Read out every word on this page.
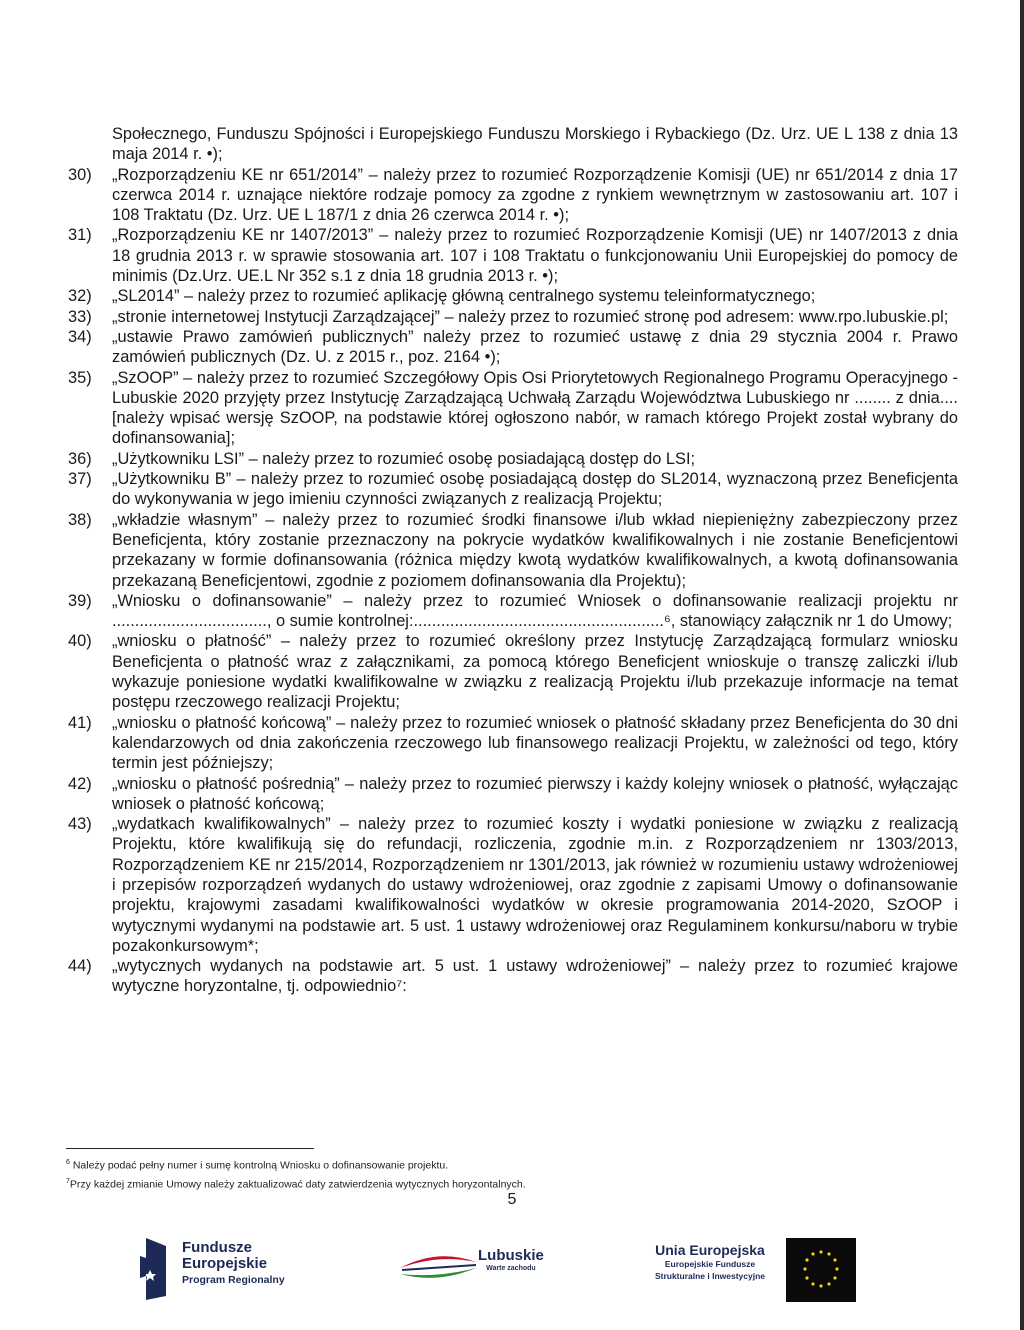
Społecznego, Funduszu Spójności i Europejskiego Funduszu Morskiego i Rybackiego (Dz. Urz. UE L 138 z dnia 13 maja 2014 r. •);

30) „Rozporządzeniu KE nr 651/2014” – należy przez to rozumieć Rozporządzenie Komisji (UE) nr 651/2014 z dnia 17 czerwca 2014 r. uznające niektóre rodzaje pomocy za zgodne z rynkiem wewnętrznym w zastosowaniu art. 107 i 108 Traktatu (Dz. Urz. UE L 187/1 z dnia 26 czerwca 2014 r. •);
31) „Rozporządzeniu KE nr 1407/2013” – należy przez to rozumieć Rozporządzenie Komisji (UE) nr 1407/2013 z dnia 18 grudnia 2013 r. w sprawie stosowania art. 107 i 108 Traktatu o funkcjonowaniu Unii Europejskiej do pomocy de minimis (Dz.Urz. UE.L Nr 352 s.1 z dnia 18 grudnia 2013 r. •);
32) „SL2014” – należy przez to rozumieć aplikację główną centralnego systemu teleinformatycznego;
33) „stronie internetowej Instytucji Zarządzającej” – należy przez to rozumieć stronę pod adresem: www.rpo.lubuskie.pl;
34) „ustawie Prawo zamówień publicznych” należy przez to rozumieć ustawę z dnia 29 stycznia 2004 r. Prawo zamówień publicznych (Dz. U. z 2015 r., poz. 2164 •);
35) „SzOOP” – należy przez to rozumieć Szczegółowy Opis Osi Priorytetowych Regionalnego Programu Operacyjnego - Lubuskie 2020 przyjęty przez Instytucję Zarządzającą Uchwałą Zarządu Województwa Lubuskiego nr ........ z dnia.... [należy wpisać wersję SzOOP, na podstawie której ogłoszono nabór, w ramach którego Projekt został wybrany do dofinansowania];
36) „Użytkowniku LSI” – należy przez to rozumieć osobę posiadającą dostęp do LSI;
37) „Użytkowniku B” – należy przez to rozumieć osobę posiadającą dostęp do SL2014, wyznaczoną przez Beneficjenta do wykonywania w jego imieniu czynności związanych z realizacją Projektu;
38) „wkładzie własnym” – należy przez to rozumieć środki finansowe i/lub wkład niepieniężny zabezpieczony przez Beneficjenta, który zostanie przeznaczony na pokrycie wydatków kwalifikowalnych i nie zostanie Beneficjentowi przekazany w formie dofinansowania (różnica między kwotą wydatków kwalifikowalnych, a kwotą dofinansowania przekazaną Beneficjentowi, zgodnie z poziomem dofinansowania dla Projektu);
39) „Wniosku o dofinansowanie” – należy przez to rozumieć Wniosek o dofinansowanie realizacji projektu nr .................................., o sumie kontrolnej:.......................................................⁶, stanowiący załącznik nr 1 do Umowy;
40) „wniosku o płatność” – należy przez to rozumieć określony przez Instytucję Zarządzającą formularz wniosku Beneficjenta o płatność wraz z załącznikami, za pomocą którego Beneficjent wnioskuje o transzę zaliczki i/lub wykazuje poniesione wydatki kwalifikowalne w związku z realizacją Projektu i/lub przekazuje informacje na temat postępu rzeczowego realizacji Projektu;
41) „wniosku o płatność końcową” – należy przez to rozumieć wniosek o płatność składany przez Beneficjenta do 30 dni kalendarzowych od dnia zakończenia rzeczowego lub finansowego realizacji Projektu, w zależności od tego, który termin jest późniejszy;
42) „wniosku o płatność pośrednią” – należy przez to rozumieć pierwszy i każdy kolejny wniosek o płatność, wyłączając wniosek o płatność końcową;
43) „wydatkach kwalifikowalnych” – należy przez to rozumieć koszty i wydatki poniesione w związku z realizacją Projektu, które kwalifikują się do refundacji, rozliczenia, zgodnie m.in. z Rozporządzeniem nr 1303/2013, Rozporządzeniem KE nr 215/2014, Rozporządzeniem nr 1301/2013, jak również w rozumieniu ustawy wdrożeniowej i przepisów rozporządzeń wydanych do ustawy wdrożeniowej, oraz zgodnie z zapisami Umowy o dofinansowanie projektu, krajowymi zasadami kwalifikowalności wydatków w okresie programowania 2014-2020, SzOOP i wytycznymi wydanymi na podstawie art. 5 ust. 1 ustawy wdrożeniowej oraz Regulaminem konkursu/naboru w trybie pozakonkursowym*;
44) „wytycznych wydanych na podstawie art. 5 ust. 1 ustawy wdrożeniowej” – należy przez to rozumieć krajowe wytyczne horyzontalne, tj. odpowiednio⁷:
$^6$ Należy podać pełny numer i sumę kontrolną Wniosku o dofinansowanie projektu.
$^7$Przy każdej zmianie Umowy należy zaktualizować daty zatwierdzenia wytycznych horyzontalnych.
5
Fundusze
Europejskie
Program Regionalny
Lubuskie
Warte zachodu
Unia Europejska
Europejskie Fundusze
Strukturalne i Inwestycyjne
